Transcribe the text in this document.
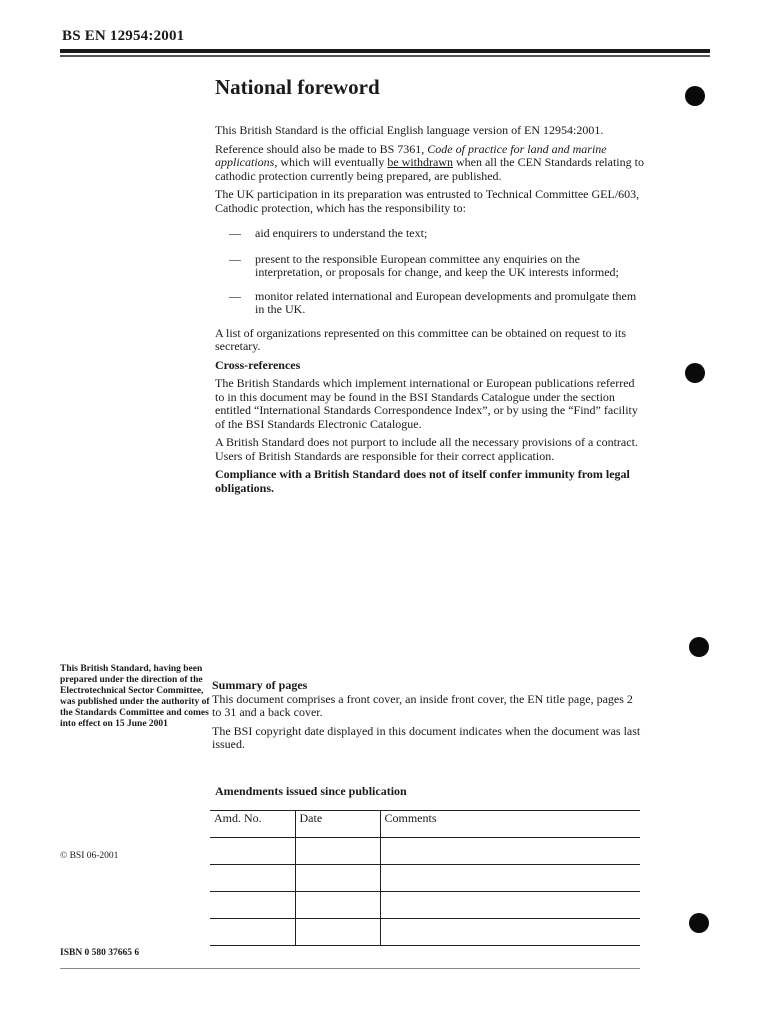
BS EN 12954:2001
National foreword

This British Standard is the official English language version of EN 12954:2001.

Reference should also be made to BS 7361, Code of practice for land and marine applications, which will eventually be withdrawn when all the CEN Standards relating to cathodic protection currently being prepared, are published.

The UK participation in its preparation was entrusted to Technical Committee GEL/603, Cathodic protection, which has the responsibility to:

— aid enquirers to understand the text;
— present to the responsible European committee any enquiries on the interpretation, or proposals for change, and keep the UK interests informed;
— monitor related international and European developments and promulgate them in the UK.

A list of organizations represented on this committee can be obtained on request to its secretary.

Cross-references

The British Standards which implement international or European publications referred to in this document may be found in the BSI Standards Catalogue under the section entitled “International Standards Correspondence Index”, or by using the “Find” facility of the BSI Standards Electronic Catalogue.

A British Standard does not purport to include all the necessary provisions of a contract. Users of British Standards are responsible for their correct application.

Compliance with a British Standard does not of itself confer immunity from legal obligations.

This British Standard, having been prepared under the direction of the Electrotechnical Sector Committee, was published under the authority of the Standards Committee and comes into effect on 15 June 2001

Summary of pages

This document comprises a front cover, an inside front cover, the EN title page, pages 2 to 31 and a back cover.

The BSI copyright date displayed in this document indicates when the document was last issued.

Amendments issued since publication
Amd. No.	Date	Comments

© BSI 06-2001
ISBN 0 580 37665 6
